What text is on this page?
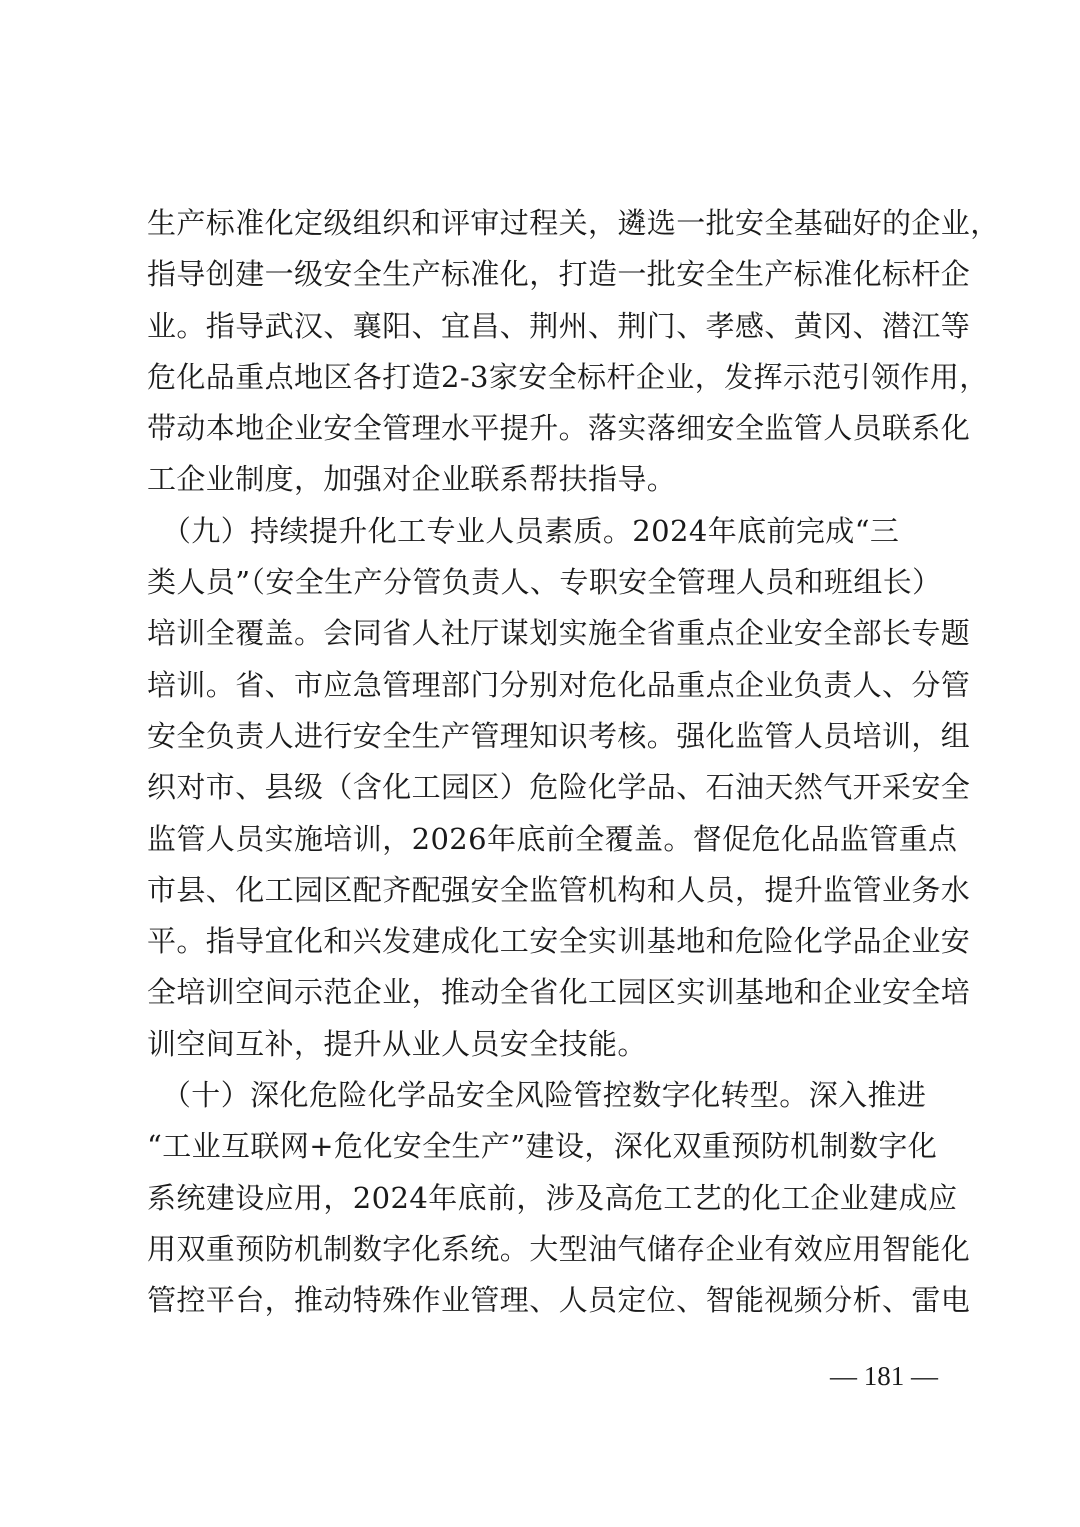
生产标准化定级组织和评审过程关，遴选一批安全基础好的企业，
指导创建一级安全生产标准化，打造一批安全生产标准化标杆企
业。指导武汉、襄阳、宜昌、荆州、荆门、孝感、黄冈、潜江等
危化品重点地区各打造2-3家安全标杆企业，发挥示范引领作用，
带动本地企业安全管理水平提升。落实落细安全监管人员联系化
工企业制度，加强对企业联系帮扶指导。
　（九）持续提升化工专业人员素质。2024年底前完成“三
类人员”（安全生产分管负责人、专职安全管理人员和班组长）
培训全覆盖。会同省人社厅谋划实施全省重点企业安全部长专题
培训。省、市应急管理部门分别对危化品重点企业负责人、分管
安全负责人进行安全生产管理知识考核。强化监管人员培训，组
织对市、县级（含化工园区）危险化学品、石油天然气开采安全
监管人员实施培训，2026年底前全覆盖。督促危化品监管重点
市县、化工园区配齐配强安全监管机构和人员，提升监管业务水
平。指导宜化和兴发建成化工安全实训基地和危险化学品企业安
全培训空间示范企业，推动全省化工园区实训基地和企业安全培
训空间互补，提升从业人员安全技能。
　（十）深化危险化学品安全风险管控数字化转型。深入推进
“工业互联网+危化安全生产”建设，深化双重预防机制数字化
系统建设应用，2024年底前，涉及高危工艺的化工企业建成应
用双重预防机制数字化系统。大型油气储存企业有效应用智能化
管控平台，推动特殊作业管理、人员定位、智能视频分析、雷电
— 181 —
